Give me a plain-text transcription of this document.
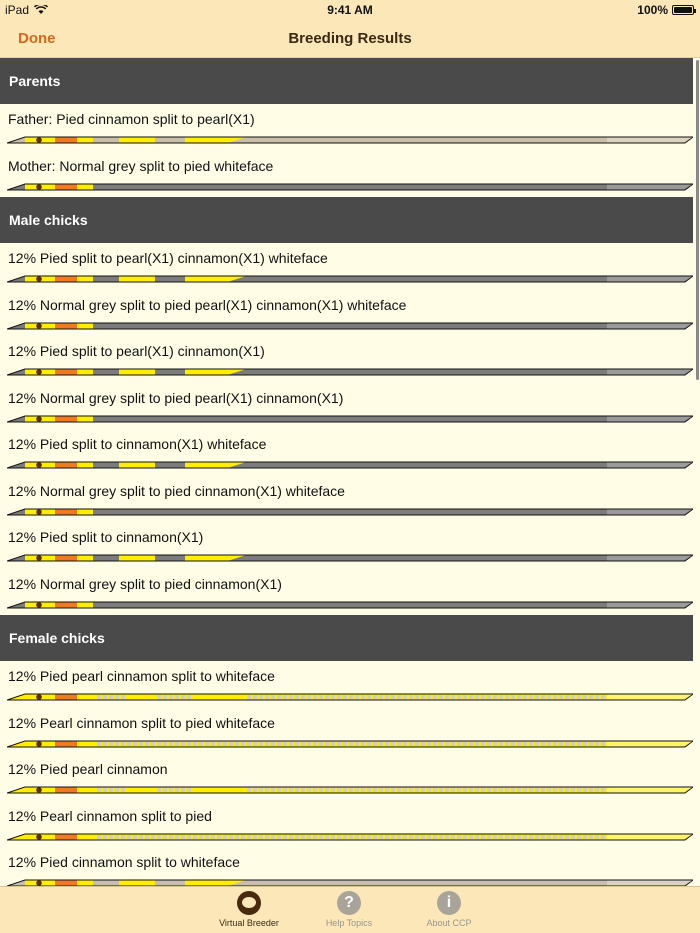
iPad	9:41 AM	100%
Done	Breeding Results
Parents
Father: Pied cinnamon split to pearl(X1)
Mother: Normal grey split to pied whiteface
Male chicks
12% Pied split to pearl(X1) cinnamon(X1) whiteface
12% Normal grey split to pied pearl(X1) cinnamon(X1) whiteface
12% Pied split to pearl(X1) cinnamon(X1)
12% Normal grey split to pied pearl(X1) cinnamon(X1)
12% Pied split to cinnamon(X1) whiteface
12% Normal grey split to pied cinnamon(X1) whiteface
12% Pied split to cinnamon(X1)
12% Normal grey split to pied cinnamon(X1)
Female chicks
12% Pied pearl cinnamon split to whiteface
12% Pearl cinnamon split to pied whiteface
12% Pied pearl cinnamon
12% Pearl cinnamon split to pied
12% Pied cinnamon split to whiteface
Virtual Breeder
?
Help Topics
i
About CCP
